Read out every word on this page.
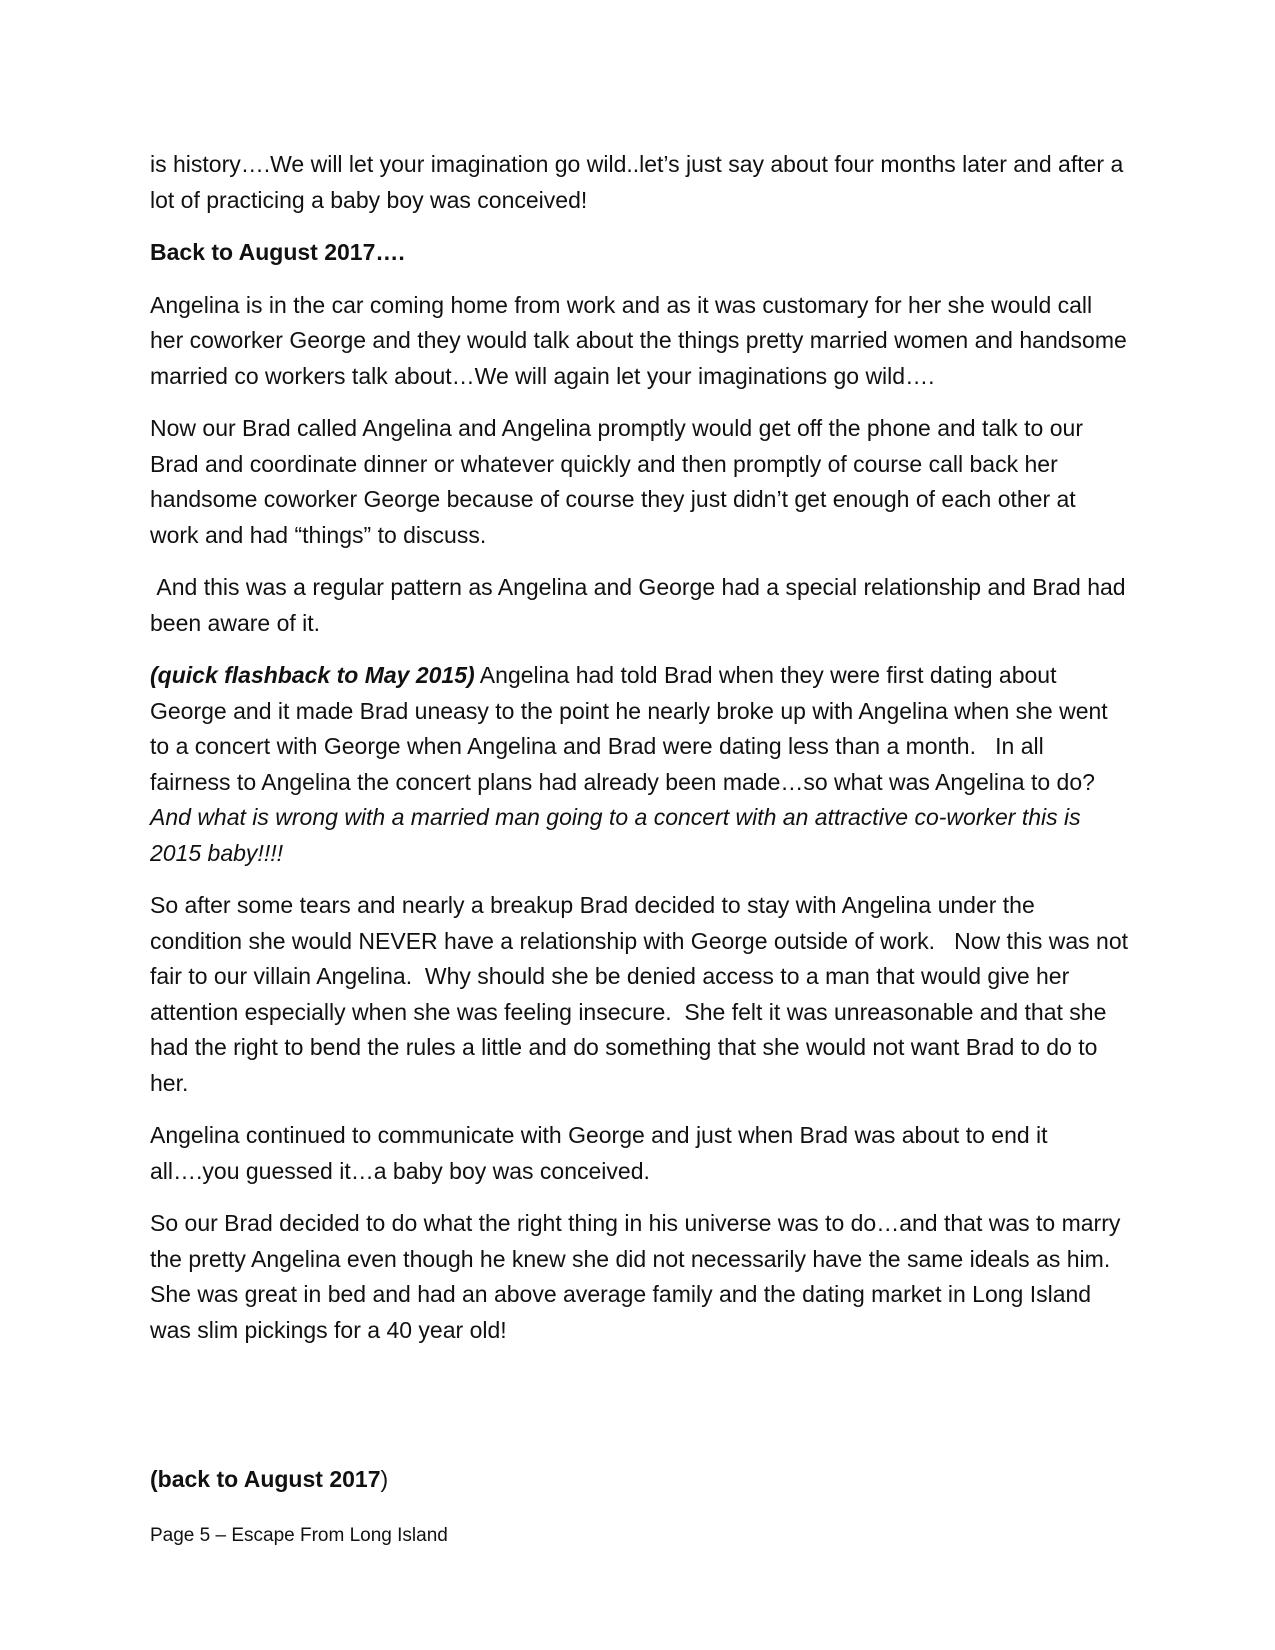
is history….We will let your imagination go wild..let’s just say about four months later and after a lot of practicing a baby boy was conceived!

Back to August 2017….

Angelina is in the car coming home from work and as it was customary for her she would call her coworker George and they would talk about the things pretty married women and handsome married co workers talk about…We will again let your imaginations go wild….

Now our Brad called Angelina and Angelina promptly would get off the phone and talk to our Brad and coordinate dinner or whatever quickly and then promptly of course call back her handsome coworker George because of course they just didn’t get enough of each other at work and had “things” to discuss.

And this was a regular pattern as Angelina and George had a special relationship and Brad had been aware of it.

(quick flashback to May 2015) Angelina had told Brad when they were first dating about George and it made Brad uneasy to the point he nearly broke up with Angelina when she went to a concert with George when Angelina and Brad were dating less than a month.   In all fairness to Angelina the concert plans had already been made…so what was Angelina to do?  And what is wrong with a married man going to a concert with an attractive co-worker this is 2015 baby!!!!

So after some tears and nearly a breakup Brad decided to stay with Angelina under the condition she would NEVER have a relationship with George outside of work.   Now this was not fair to our villain Angelina.  Why should she be denied access to a man that would give her attention especially when she was feeling insecure.  She felt it was unreasonable and that she had the right to bend the rules a little and do something that she would not want Brad to do to her.

Angelina continued to communicate with George and just when Brad was about to end it all….you guessed it…a baby boy was conceived.

So our Brad decided to do what the right thing in his universe was to do…and that was to marry the pretty Angelina even though he knew she did not necessarily have the same ideals as him.   She was great in bed and had an above average family and the dating market in Long Island was slim pickings for a 40 year old!

(back to August 2017)

Page 5 – Escape From Long Island
